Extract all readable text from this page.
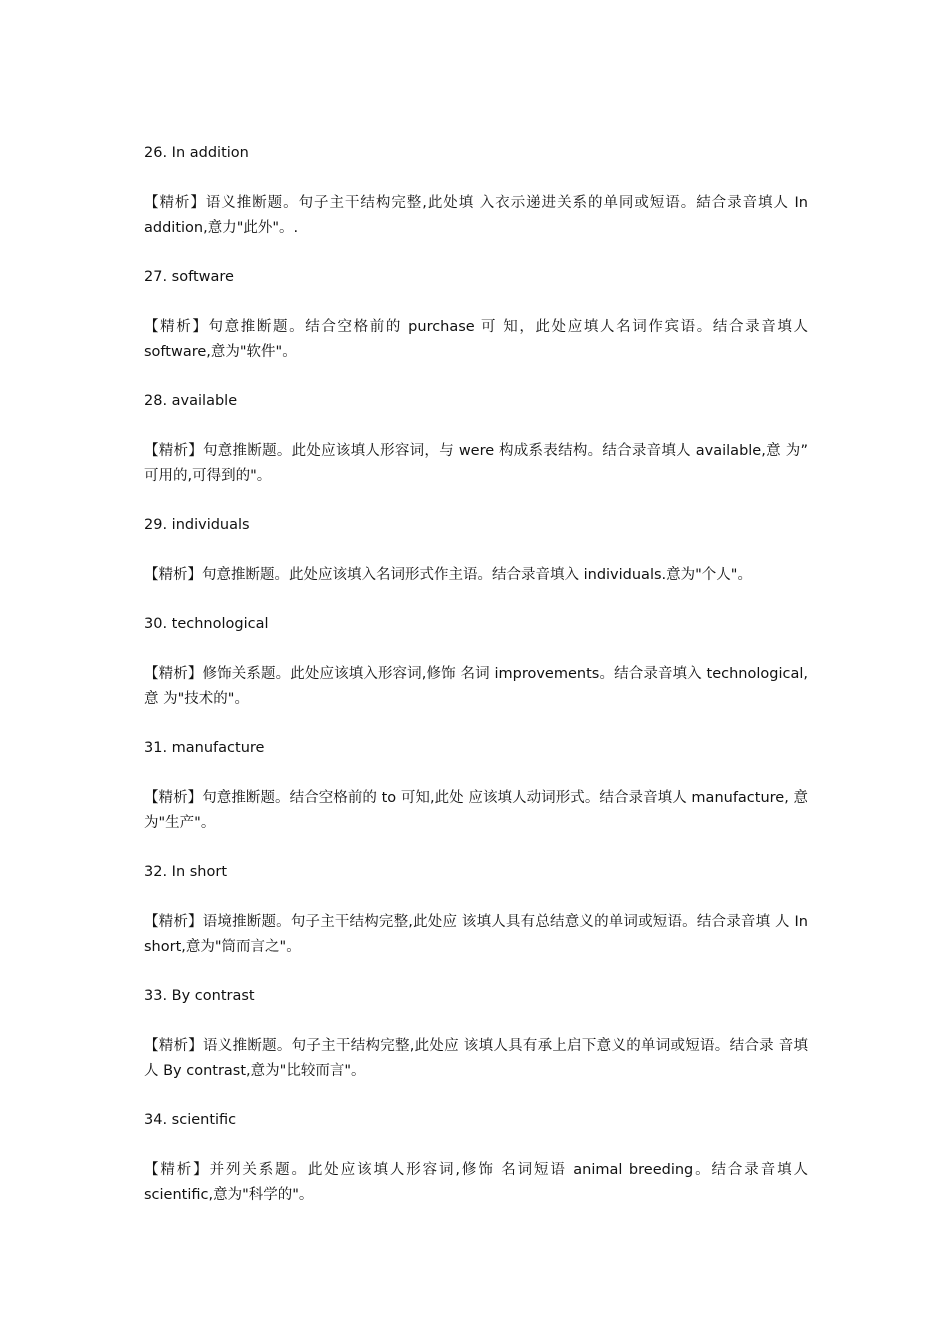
26. In addition

【精析】语义推断题。句子主干结构完整,此处填 入衣示递进关系的单同或短语。結合录音填人 In addition,意力"此外"。.

27. software

【精析】句意推断题。结合空格前的 purchase 可 知，此处应填人名词作宾语。结合录音填人 software,意为"软件"。

28. available

【精析】句意推断题。此处应该填人形容词，与 were 构成系表结构。结合录音填人 available,意 为” 可用的,可得到的"。

29. individuals

【精析】句意推断题。此处应该填入名词形式作主语。结合录音填入 individuals.意为"个人"。

30. technological

【精析】修饰关系题。此处应该填入形容词,修饰 名词 improvements。结合录音填入 technological,意 为"技术的"。

31. manufacture

【精析】句意推断题。结合空格前的 to 可知,此处 应该填人动词形式。结合录音填人 manufacture, 意为"生产"。

32. In short

【精析】语境推断题。句子主干结构完整,此处应 该填人具有总结意义的单词或短语。结合录音填 人 In short,意为"筒而言之"。

33. By contrast

【精析】语义推断题。句子主干结构完整,此处应 该填人具有承上启下意义的单词或短语。结合录 音填人 By contrast,意为"比较而言"。

34. scientific

【精析】并列关系题。此处应该填人形容词,修饰 名词短语 animal breeding。结合录音填人 scientific,意为"科学的"。
